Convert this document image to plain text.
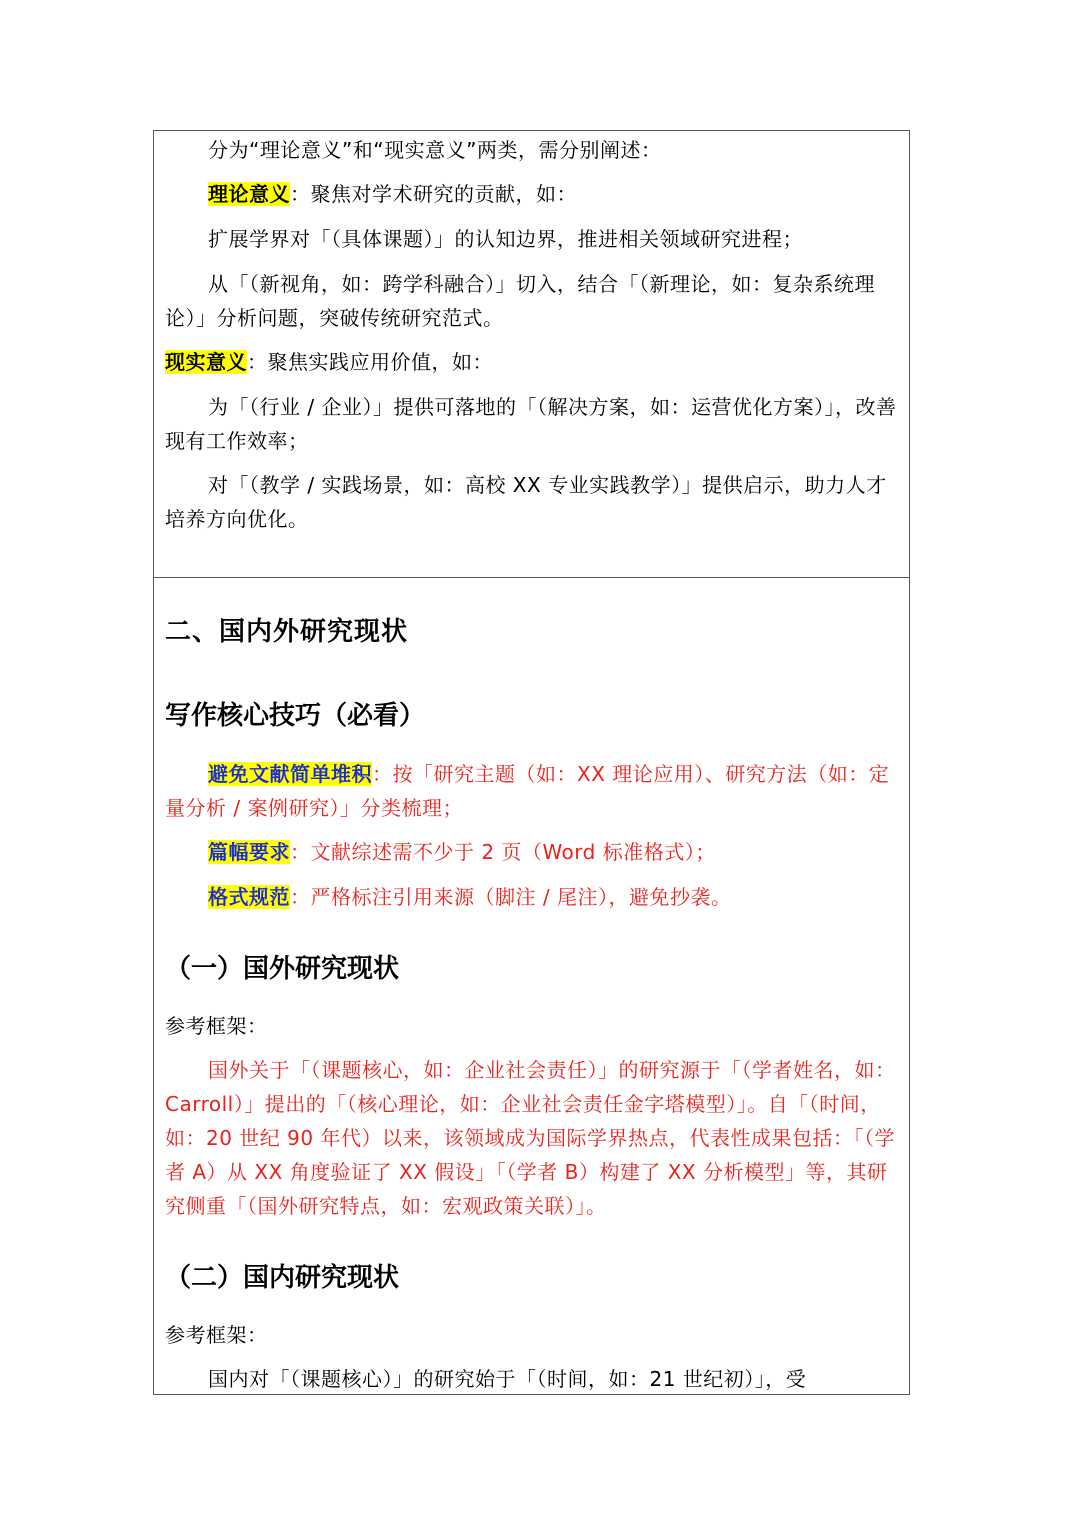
分为“理论意义”和“现实意义”两类，需分别阐述：

理论意义：聚焦对学术研究的贡献，如：

扩展学界对「（具体课题）」的认知边界，推进相关领域研究进程；

从「（新视角，如：跨学科融合）」切入，结合「（新理论，如：复杂系统理论）」分析问题，突破传统研究范式。

现实意义：聚焦实践应用价值，如：

为「（行业 / 企业）」提供可落地的「（解决方案，如：运营优化方案）」，改善现有工作效率；

对「（教学 / 实践场景，如：高校 XX 专业实践教学）」提供启示，助力人才培养方向优化。

二、国内外研究现状
写作核心技巧（必看）

避免文献简单堆积：按「研究主题（如：XX 理论应用）、研究方法（如：定量分析 / 案例研究）」分类梳理；

篇幅要求：文献综述需不少于 2 页（Word 标准格式）；

格式规范：严格标注引用来源（脚注 / 尾注），避免抄袭。

（一）国外研究现状

参考框架：

国外关于「（课题核心，如：企业社会责任）」的研究源于「（学者姓名，如：Carroll）」提出的「（核心理论，如：企业社会责任金字塔模型）」。自「（时间，如：20 世纪 90 年代）以来，该领域成为国际学界热点，代表性成果包括：「（学者 A）从 XX 角度验证了 XX 假设」「（学者 B）构建了 XX 分析模型」等，其研究侧重「（国外研究特点，如：宏观政策关联）」。

（二）国内研究现状

参考框架：

国内对「（课题核心）」的研究始于「（时间，如：21 世纪初）」，受
